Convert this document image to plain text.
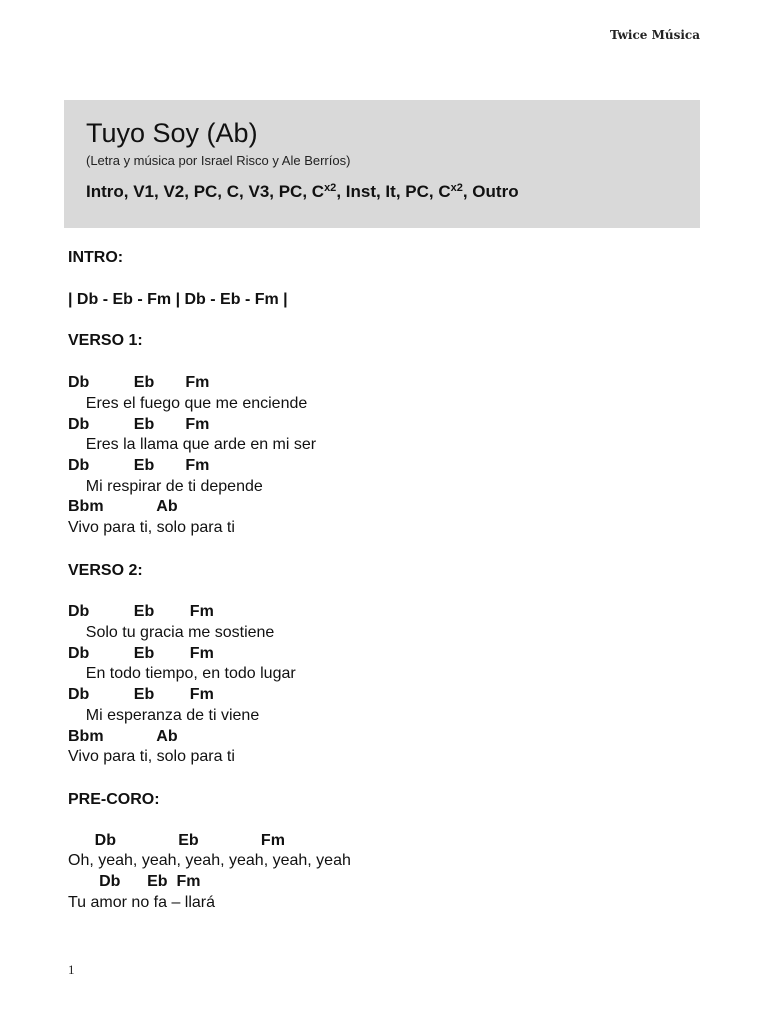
Twice Música
Tuyo Soy (Ab)
(Letra y música por Israel Risco y Ale Berríos)
Intro, V1, V2, PC, C, V3, PC, $C^{x2}$, Inst, It, PC, $C^{x2}$, Outro
INTRO:
| Db - Eb - Fm | Db - Eb - Fm |
VERSO 1:
Db          Eb       Fm
Eres el fuego que me enciende
Db          Eb       Fm
Eres la llama que arde en mi ser
Db          Eb       Fm
Mi respirar de ti depende
Bbm            Ab
Vivo para ti, solo para ti
VERSO 2:
Db          Eb        Fm
Solo tu gracia me sostiene
Db          Eb        Fm
En todo tiempo, en todo lugar
Db          Eb        Fm
Mi esperanza de ti viene
Bbm            Ab
Vivo para ti, solo para ti
PRE-CORO:
Db              Eb              Fm
Oh, yeah, yeah, yeah, yeah, yeah, yeah
Db      Eb  Fm
Tu amor no fa – llará
1
